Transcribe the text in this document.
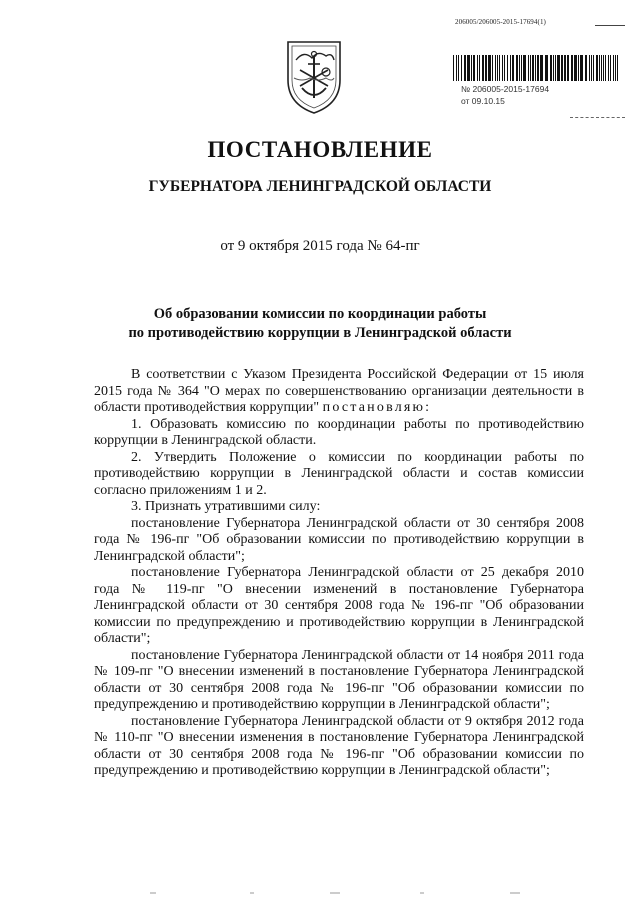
206005/206005-2015-17694(1)
№ 206005-2015-17694
от 09.10.15
ПОСТАНОВЛЕНИЕ
ГУБЕРНАТОРА ЛЕНИНГРАДСКОЙ ОБЛАСТИ
от 9 октября 2015 года № 64-пг
Об образовании комиссии по координации работы
по противодействию коррупции в Ленинградской области

В соответствии с Указом Президента Российской Федерации от 15 июля 2015 года № 364 "О мерах по совершенствованию организации деятельности в области противодействия коррупции" постановляю:

1. Образовать комиссию по координации работы по противодействию коррупции в Ленинградской области.

2. Утвердить Положение о комиссии по координации работы по противодействию коррупции в Ленинградской области и состав комиссии согласно приложениям 1 и 2.

3. Признать утратившими силу:

постановление Губернатора Ленинградской области от 30 сентября 2008 года № 196-пг "Об образовании комиссии по противодействию коррупции в Ленинградской области";

постановление Губернатора Ленинградской области от 25 декабря 2010 года № 119-пг "О внесении изменений в постановление Губернатора Ленинградской области от 30 сентября 2008 года № 196-пг "Об образовании комиссии по предупреждению и противодействию коррупции в Ленинградской области";

постановление Губернатора Ленинградской области от 14 ноября 2011 года № 109-пг "О внесении изменений в постановление Губернатора Ленинградской области от 30 сентября 2008 года № 196-пг "Об образовании комиссии по предупреждению и противодействию коррупции в Ленинградской области";

постановление Губернатора Ленинградской области от 9 октября 2012 года № 110-пг "О внесении изменения в постановление Губернатора Ленинградской области от 30 сентября 2008 года № 196-пг "Об образовании комиссии по предупреждению и противодействию коррупции в Ленинградской области";
